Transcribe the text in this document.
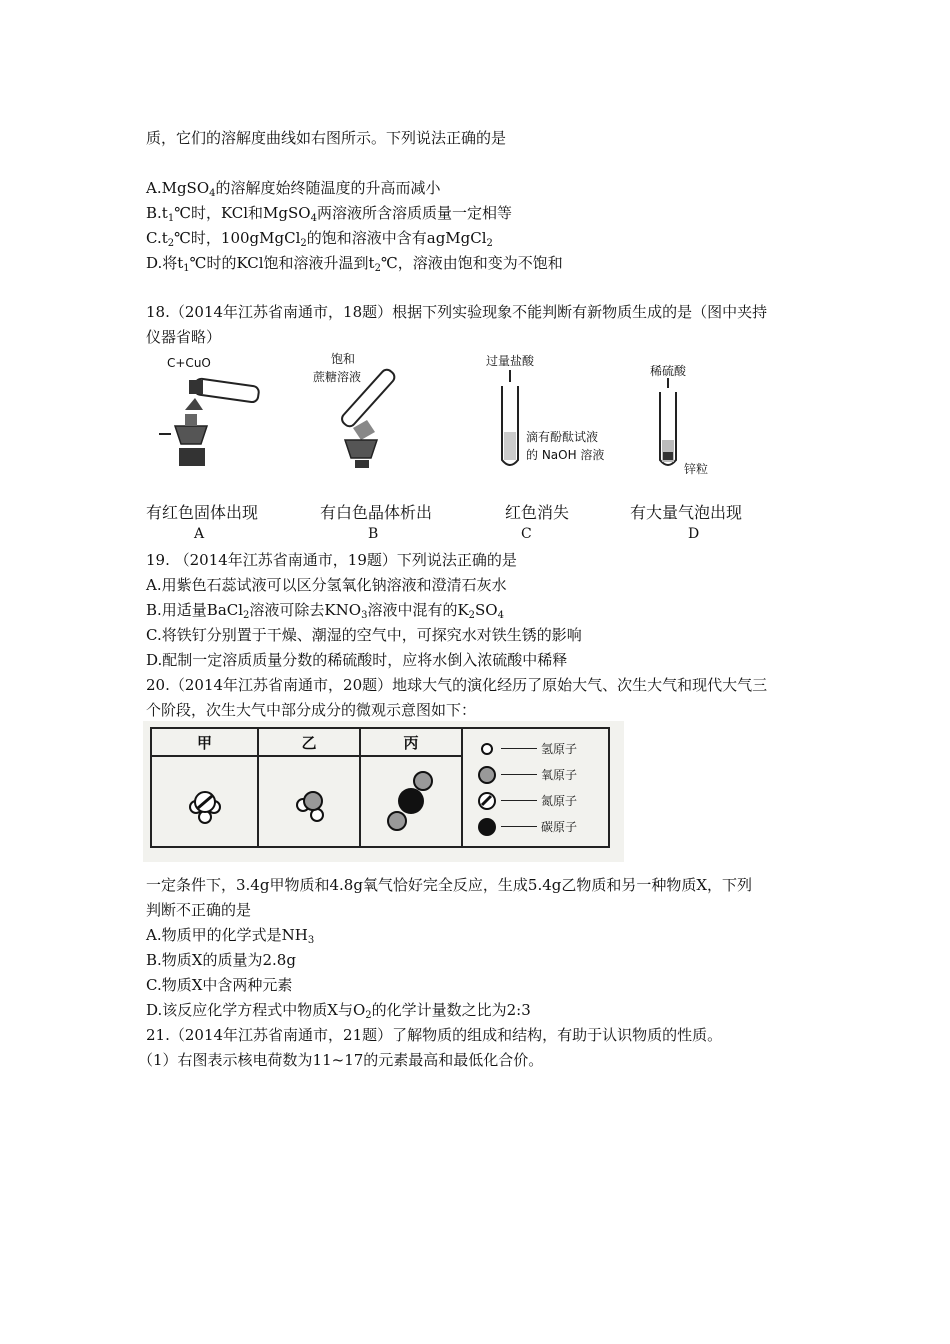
质，它们的溶解度曲线如右图所示。下列说法正确的是
A.MgSO$_4$的溶解度始终随温度的升高而减小
$B.t_1℃$时，KCl和MgSO$_4$两溶液所含溶质质量一定相等
$C.t_2℃$时，100gMgCl$_2$的饱和溶液中含有agMgCl$_2$
D.将$t_1℃$时的KCl饱和溶液升温到$t_2℃$，溶液由饱和变为不饱和
18.（2014年江苏省南通市，18题）根据下列实验现象不能判断有新物质生成的是（图中夹持
仪器省略）
C+CuO	饱和
蔗糖溶液
过量盐酸
滴有酚酞试液
的 NaOH 溶液
稀硫酸
锌粒
有红色固体出现	有白色晶体析出	红色消失	有大量气泡出现
A	B	C	D
19. （2014年江苏省南通市，19题）下列说法正确的是
A.用紫色石蕊试液可以区分氢氧化钠溶液和澄清石灰水
B.用适量BaCl$_2$溶液可除去$KNO_3$溶液中混有的$K_2SO_4$
C.将铁钉分别置于干燥、潮湿的空气中，可探究水对铁生锈的影响
D.配制一定溶质质量分数的稀硫酸时，应将水倒入浓硫酸中稀释
20.（2014年江苏省南通市，20题）地球大气的演化经历了原始大气、次生大气和现代大气三
个阶段，次生大气中部分成分的微观示意图如下：
甲	乙	丙	氢原子
氧原子
氮原子
碳原子

一定条件下，3.4g甲物质和4.8g氧气恰好完全反应，生成5.4g乙物质和另一种物质X，下列
判断不正确的是
A.物质甲的化学式是$NH_3$
B.物质X的质量为2.8g
C.物质X中含两种元素
D.该反应化学方程式中物质X与$O_2$的化学计量数之比为2:3
21.（2014年江苏省南通市，21题）了解物质的组成和结构，有助于认识物质的性质。
（1）右图表示核电荷数为11~17的元素最高和最低化合价。
